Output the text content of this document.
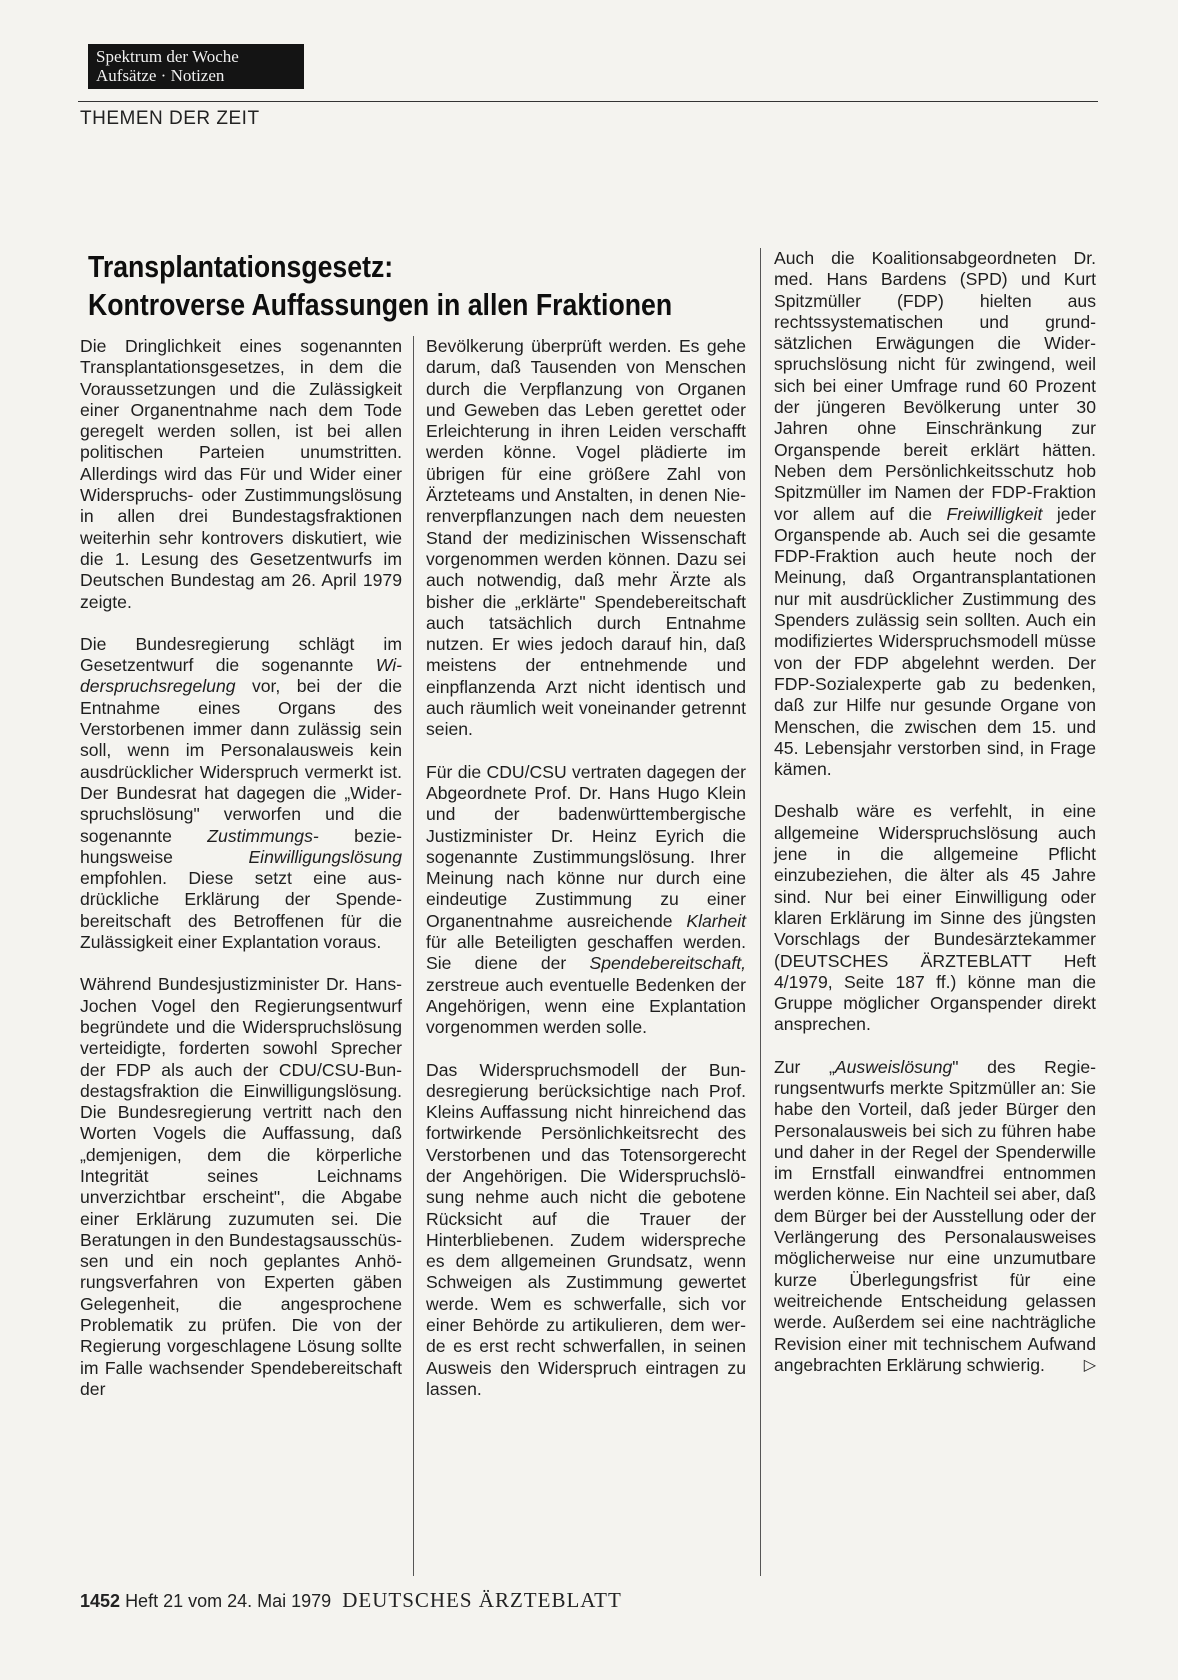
Spektrum der Woche
Aufsätze · Notizen
THEMEN DER ZEIT
Transplantationsgesetz:
Kontroverse Auffassungen in allen Fraktionen

Die Dringlichkeit eines sogenannten Transplantationsgesetzes, in dem die Voraussetzungen und die Zulässigkeit einer Organentnahme nach dem Tode geregelt werden sollen, ist bei allen politischen Parteien unumstritten. Allerdings wird das Für und Wider einer Widerspruchs- oder Zustimmungslösung in allen drei Bundestagsfraktionen weiterhin sehr kontrovers diskutiert, wie die 1. Lesung des Gesetzentwurfs im Deutschen Bundestag am 26. April 1979 zeigte.

Die Bundesregierung schlägt im Gesetzentwurf die sogenannte Widerspruchsregelung vor, bei der die Entnahme eines Organs des Verstorbenen immer dann zulässig sein soll, wenn im Personalausweis kein ausdrücklicher Widerspruch vermerkt ist. Der Bundesrat hat dagegen die „Widerspruchslösung" verworfen und die sogenannte Zustimmungs- beziehungsweise Einwilligungslösung empfohlen. Diese setzt eine ausdrückliche Erklärung der Spendebereitschaft des Betroffenen für die Zulässigkeit einer Explantation voraus.

Während Bundesjustizminister Dr. Hans-Jochen Vogel den Regierungsentwurf begründete und die Widerspruchslösung verteidigte, forderten sowohl Sprecher der FDP als auch der CDU/CSU-Bundestagsfraktion die Einwilligungslösung. Die Bundesregierung vertritt nach den Worten Vogels die Auffassung, daß „demjenigen, dem die körperliche Integrität seines Leichnams unverzichtbar erscheint", die Abgabe einer Erklärung zuzumuten sei. Die Beratungen in den Bundestagsausschüssen und ein noch geplantes Anhörungsverfahren von Experten gäben Gelegenheit, die angesprochene Problematik zu prüfen. Die von der Regierung vorgeschlagene Lösung sollte im Falle wachsender Spendebereitschaft der

Bevölkerung überprüft werden. Es gehe darum, daß Tausenden von Menschen durch die Verpflanzung von Organen und Geweben das Leben gerettet oder Erleichterung in ihren Leiden verschafft werden könne. Vogel plädierte im übrigen für eine größere Zahl von Ärzteteams und Anstalten, in denen Nierenverpflanzungen nach dem neuesten Stand der medizinischen Wissenschaft vorgenommen werden können. Dazu sei auch notwendig, daß mehr Ärzte als bisher die „erklärte" Spendebereitschaft auch tatsächlich durch Entnahme nutzen. Er wies jedoch darauf hin, daß meistens der entnehmende und einpflanzenda Arzt nicht identisch und auch räumlich weit voneinander getrennt seien.

Für die CDU/CSU vertraten dagegen der Abgeordnete Prof. Dr. Hans Hugo Klein und der badenwürttembergische Justizminister Dr. Heinz Eyrich die sogenannte Zustimmungslösung. Ihrer Meinung nach könne nur durch eine eindeutige Zustimmung zu einer Organentnahme ausreichende Klarheit für alle Beteiligten geschaffen werden. Sie diene der Spendebereitschaft, zerstreue auch eventuelle Bedenken der Angehörigen, wenn eine Explantation vorgenommen werden solle.

Das Widerspruchsmodell der Bundesregierung berücksichtige nach Prof. Kleins Auffassung nicht hinreichend das fortwirkende Persönlichkeitsrecht des Verstorbenen und das Totensorgerecht der Angehörigen. Die Widerspruchslösung nehme auch nicht die gebotene Rücksicht auf die Trauer der Hinterbliebenen. Zudem widerspreche es dem allgemeinen Grundsatz, wenn Schweigen als Zustimmung gewertet werde. Wem es schwerfalle, sich vor einer Behörde zu artikulieren, dem werde es erst recht schwerfallen, in seinen Ausweis den Widerspruch eintragen zu lassen.

Auch die Koalitionsabgeordneten Dr. med. Hans Bardens (SPD) und Kurt Spitzmüller (FDP) hielten aus rechtssystematischen und grundsätzlichen Erwägungen die Widerspruchslösung nicht für zwingend, weil sich bei einer Umfrage rund 60 Prozent der jüngeren Bevölkerung unter 30 Jahren ohne Einschränkung zur Organspende bereit erklärt hätten. Neben dem Persönlichkeitsschutz hob Spitzmüller im Namen der FDP-Fraktion vor allem auf die Freiwilligkeit jeder Organspende ab. Auch sei die gesamte FDP-Fraktion auch heute noch der Meinung, daß Organtransplantationen nur mit ausdrücklicher Zustimmung des Spenders zulässig sein sollten. Auch ein modifiziertes Widerspruchsmodell müsse von der FDP abgelehnt werden. Der FDP-Sozialexperte gab zu bedenken, daß zur Hilfe nur gesunde Organe von Menschen, die zwischen dem 15. und 45. Lebensjahr verstorben sind, in Frage kämen.

Deshalb wäre es verfehlt, in eine allgemeine Widerspruchslösung auch jene in die allgemeine Pflicht einzubeziehen, die älter als 45 Jahre sind. Nur bei einer Einwilligung oder klaren Erklärung im Sinne des jüngsten Vorschlags der Bundesärztekammer (DEUTSCHES ÄRZTEBLATT Heft 4/1979, Seite 187 ff.) könne man die Gruppe möglicher Organspender direkt ansprechen.

Zur „Ausweislösung" des Regierungsentwurfs merkte Spitzmüller an: Sie habe den Vorteil, daß jeder Bürger den Personalausweis bei sich zu führen habe und daher in der Regel der Spenderwille im Ernstfall einwandfrei entnommen werden könne. Ein Nachteil sei aber, daß dem Bürger bei der Ausstellung oder der Verlängerung des Personalausweises möglicherweise nur eine unzumutbare kurze Überlegungsfrist für eine weitreichende Entscheidung gelassen werde. Außerdem sei eine nachträgliche Revision einer mit technischem Aufwand angebrachten Erklärung schwierig. ▷

1452 Heft 21 vom 24. Mai 1979 DEUTSCHES ÄRZTEBLATT
